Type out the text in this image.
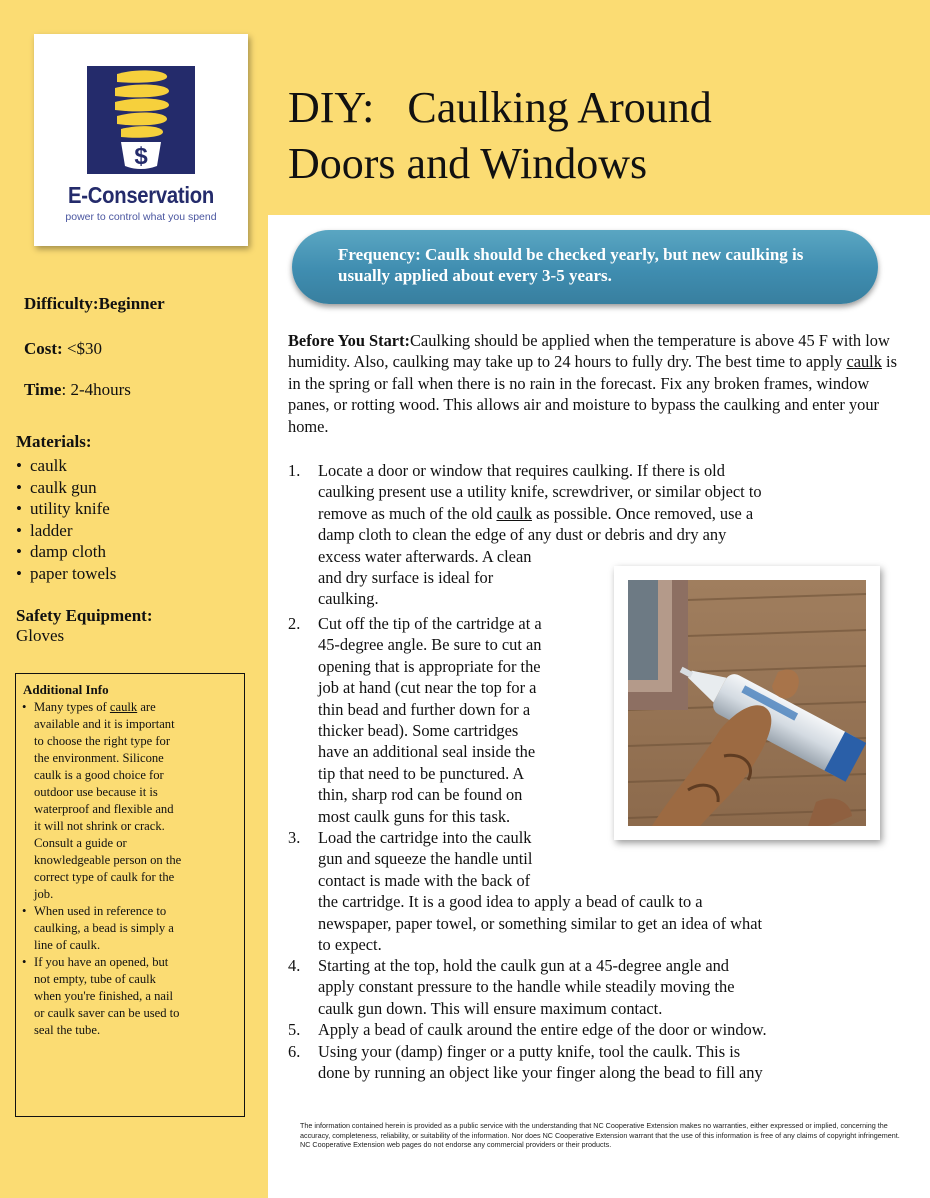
$
E-Conservation
power to control what you spend
DIY:   Caulking Around
Doors and Windows
Frequency: Caulk should be checked yearly, but new caulking is usually applied about every 3-5 years.
Difficulty:Beginner
Cost: <$30
Time: 2-4hours
Materials:
• caulk
• caulk gun
• utility knife
• ladder
• damp cloth
• paper towels
Safety Equipment:
Gloves
Additional Info
• Many types of caulk are available and it is important to choose the right type for the environment. Silicone caulk is a good choice for outdoor use because it is waterproof and flexible and it will not shrink or crack. Consult a guide or knowledgeable person on the correct type of caulk for the job.
• When used in reference to caulking, a bead is simply a line of caulk.
• If you have an opened, but not empty, tube of caulk when you're finished, a nail or caulk saver can be used to seal the tube.
Before You Start:Caulking should be applied when the temperature is above 45 F with low humidity. Also, caulking may take up to 24 hours to fully dry. The best time to apply caulk is in the spring or fall when there is no rain in the forecast. Fix any broken frames, window panes, or rotting wood. This allows air and moisture to bypass the caulking and enter your home.
1.	Locate a door or window that requires caulking. If there is old
caulking present use a utility knife, screwdriver, or similar object to
remove as much of the old caulk as possible. Once removed, use a
damp cloth to clean the edge of any dust or debris and dry any
excess water afterwards. A clean
and dry surface is ideal for
caulking.
2.	Cut off the tip of the cartridge at a
45-degree angle. Be sure to cut an
opening that is appropriate for the
job at hand (cut near the top for a
thin bead and further down for a
thicker bead). Some cartridges
have an additional seal inside the
tip that need to be punctured. A
thin, sharp rod can be found on
most caulk guns for this task.
3.	Load the cartridge into the caulk
gun and squeeze the handle until
contact is made with the back of
the cartridge. It is a good idea to apply a bead of caulk to a
newspaper, paper towel, or something similar to get an idea of what
to expect.
4.	Starting at the top, hold the caulk gun at a 45-degree angle and
apply constant pressure to the handle while steadily moving the
caulk gun down. This will ensure maximum contact.
5.	Apply a bead of caulk around the entire edge of the door or window.
6.	Using your (damp) finger or a putty knife, tool the caulk. This is
done by running an object like your finger along the bead to fill any
The information contained herein is provided as a public service with the understanding that NC Cooperative Extension makes no warranties, either expressed or implied, concerning the accuracy, completeness, reliability, or suitability of the information. Nor does NC Cooperative Extension warrant that the use of this information is free of any claims of copyright infringement. NC Cooperative Extension web pages do not endorse any commercial providers or their products.
